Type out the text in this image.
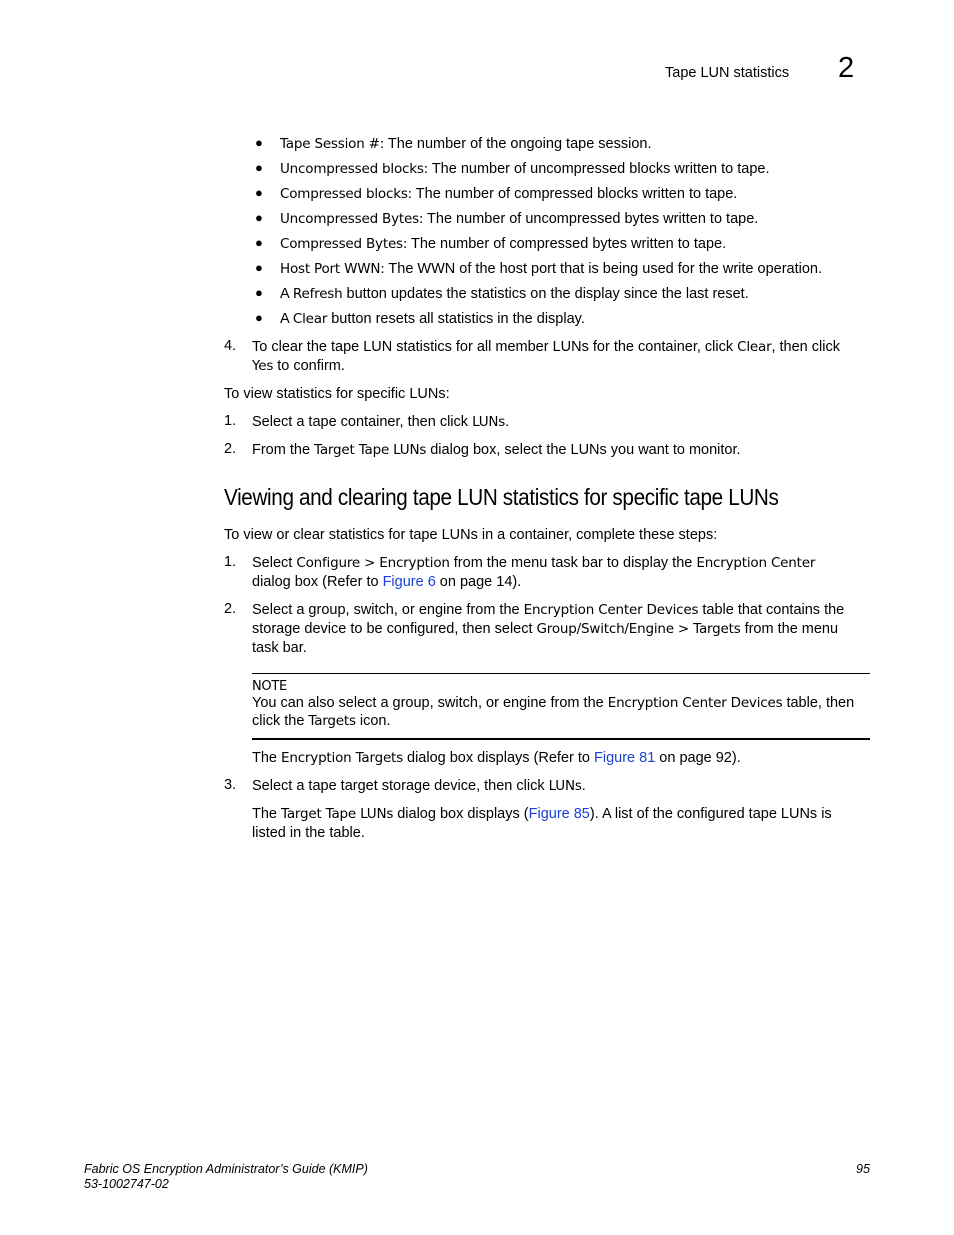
Tape LUN statistics 2
● Tape Session #: The number of the ongoing tape session.
● Uncompressed blocks: The number of uncompressed blocks written to tape.
● Compressed blocks: The number of compressed blocks written to tape.
● Uncompressed Bytes: The number of uncompressed bytes written to tape.
● Compressed Bytes: The number of compressed bytes written to tape.
● Host Port WWN: The WWN of the host port that is being used for the write operation.
● A Refresh button updates the statistics on the display since the last reset.
● A Clear button resets all statistics in the display.
4. To clear the tape LUN statistics for all member LUNs for the container, click Clear, then click
Yes to confirm.
To view statistics for specific LUNs:
1. Select a tape container, then click LUNs.
2. From the Target Tape LUNs dialog box, select the LUNs you want to monitor.
Viewing and clearing tape LUN statistics for specific tape LUNs
To view or clear statistics for tape LUNs in a container, complete these steps:
1. Select Configure > Encryption from the menu task bar to display the Encryption Center
dialog box (Refer to Figure 6 on page 14).
2. Select a group, switch, or engine from the Encryption Center Devices table that contains the
storage device to be configured, then select Group/Switch/Engine > Targets from the menu
task bar.
NOTE
You can also select a group, switch, or engine from the Encryption Center Devices table, then
click the Targets icon.
The Encryption Targets dialog box displays (Refer to Figure 81 on page 92).
3. Select a tape target storage device, then click LUNs.
The Target Tape LUNs dialog box displays (Figure 85). A list of the configured tape LUNs is
listed in the table.
Fabric OS Encryption Administrator’s Guide (KMIP)
53-1002747-02
95
